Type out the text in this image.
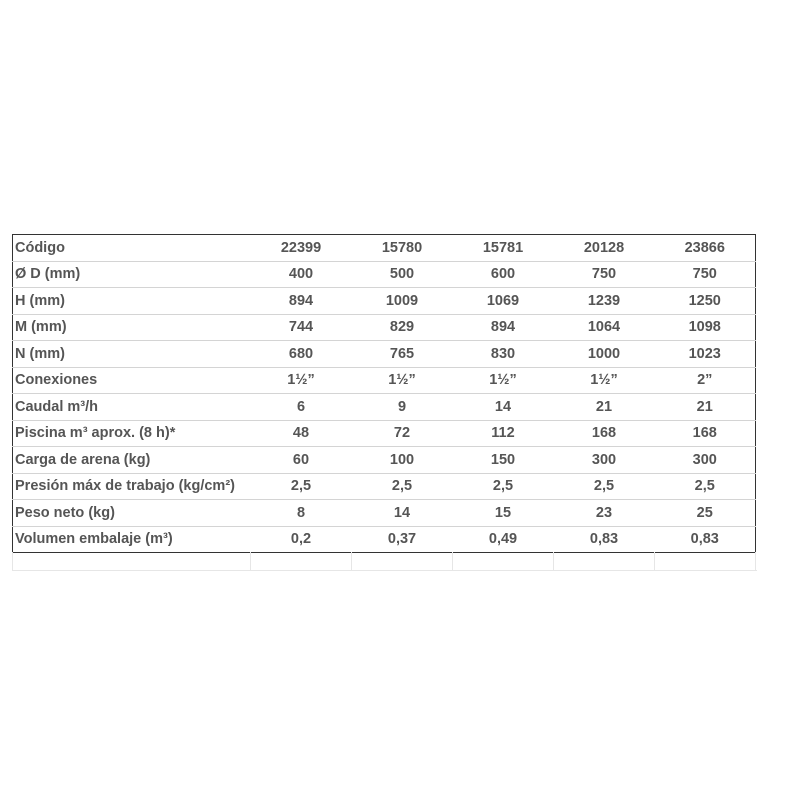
Código	22399	15780	15781	20128	23866
Ø D (mm)	400	500	600	750	750
H (mm)	894	1009	1069	1239	1250
M (mm)	744	829	894	1064	1098
N (mm)	680	765	830	1000	1023
Conexiones	1½”	1½”	1½”	1½”	2”
Caudal m³/h	6	9	14	21	21
Piscina m³ aprox. (8 h)*	48	72	112	168	168
Carga de arena (kg)	60	100	150	300	300
Presión máx de trabajo (kg/cm²)	2,5	2,5	2,5	2,5	2,5
Peso neto (kg)	8	14	15	23	25
Volumen embalaje (m³)	0,2	0,37	0,49	0,83	0,83
